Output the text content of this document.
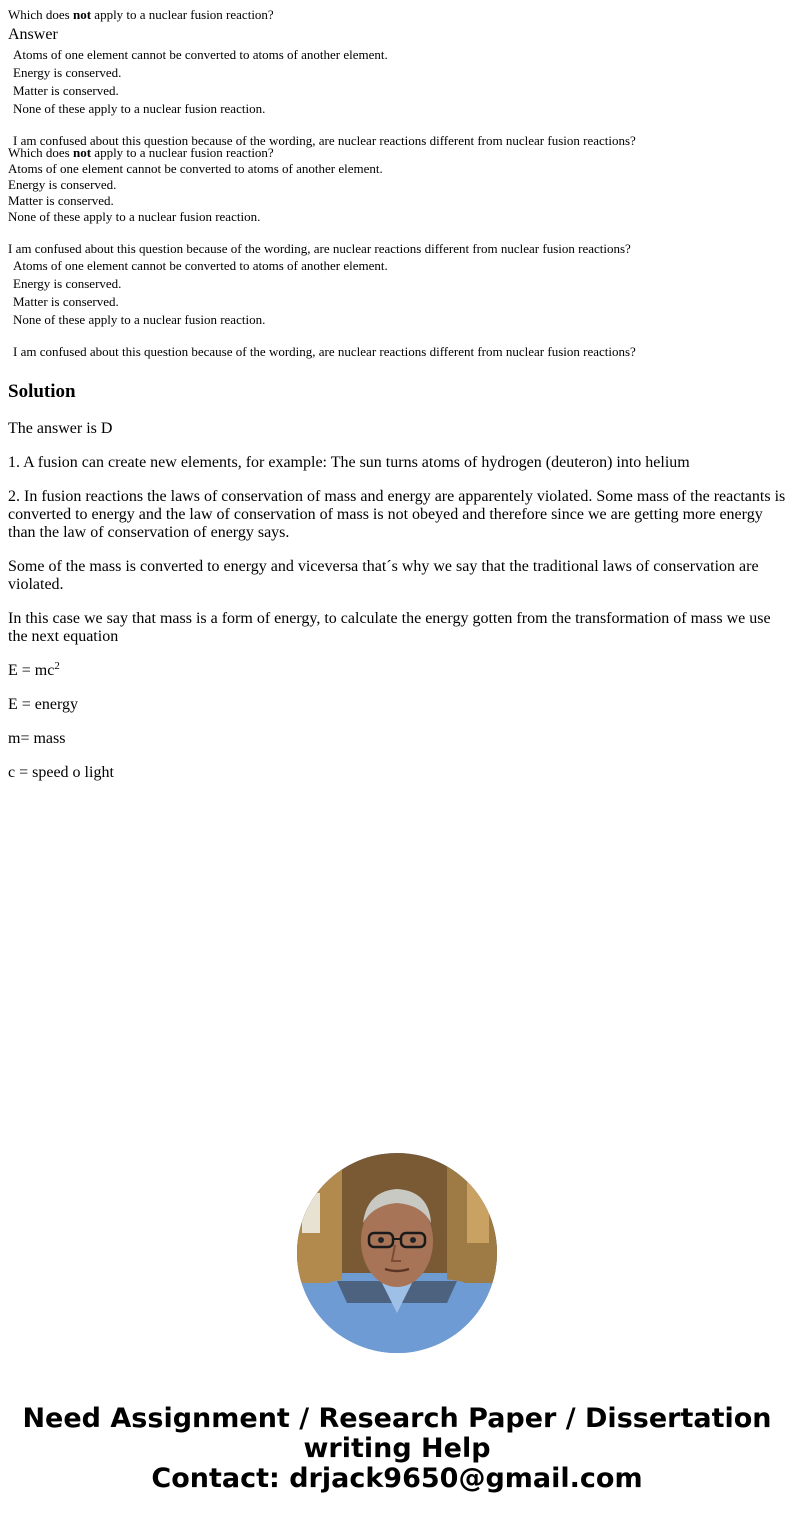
Which does not apply to a nuclear fusion reaction?
Answer
Atoms of one element cannot be converted to atoms of another element.
Energy is conserved.
Matter is conserved.
None of these apply to a nuclear fusion reaction.
I am confused about this question because of the wording, are nuclear reactions different from nuclear fusion reactions?
Which does not apply to a nuclear fusion reaction?
Atoms of one element cannot be converted to atoms of another element.
Energy is conserved.
Matter is conserved.
None of these apply to a nuclear fusion reaction.
I am confused about this question because of the wording, are nuclear reactions different from nuclear fusion reactions?
Atoms of one element cannot be converted to atoms of another element.
Energy is conserved.
Matter is conserved.
None of these apply to a nuclear fusion reaction.
I am confused about this question because of the wording, are nuclear reactions different from nuclear fusion reactions?
Solution

The answer is D

1. A fusion can create new elements, for example: The sun turns atoms of hydrogen (deuteron) into helium

2. In fusion reactions the laws of conservation of mass and energy are apparentely violated. Some mass of the reactants is converted to energy and the law of conservation of mass is not obeyed and therefore since we are getting more energy than the law of conservation of energy says.

Some of the mass is converted to energy and viceversa that´s why we say that the traditional laws of conservation are violated.

In this case we say that mass is a form of energy, to calculate the energy gotten from the transformation of mass we use the next equation

$E = mc^2$

E = energy

m= mass

c = speed o light

Need Assignment / Research Paper / Dissertation
writing Help
Contact: drjack9650@gmail.com
